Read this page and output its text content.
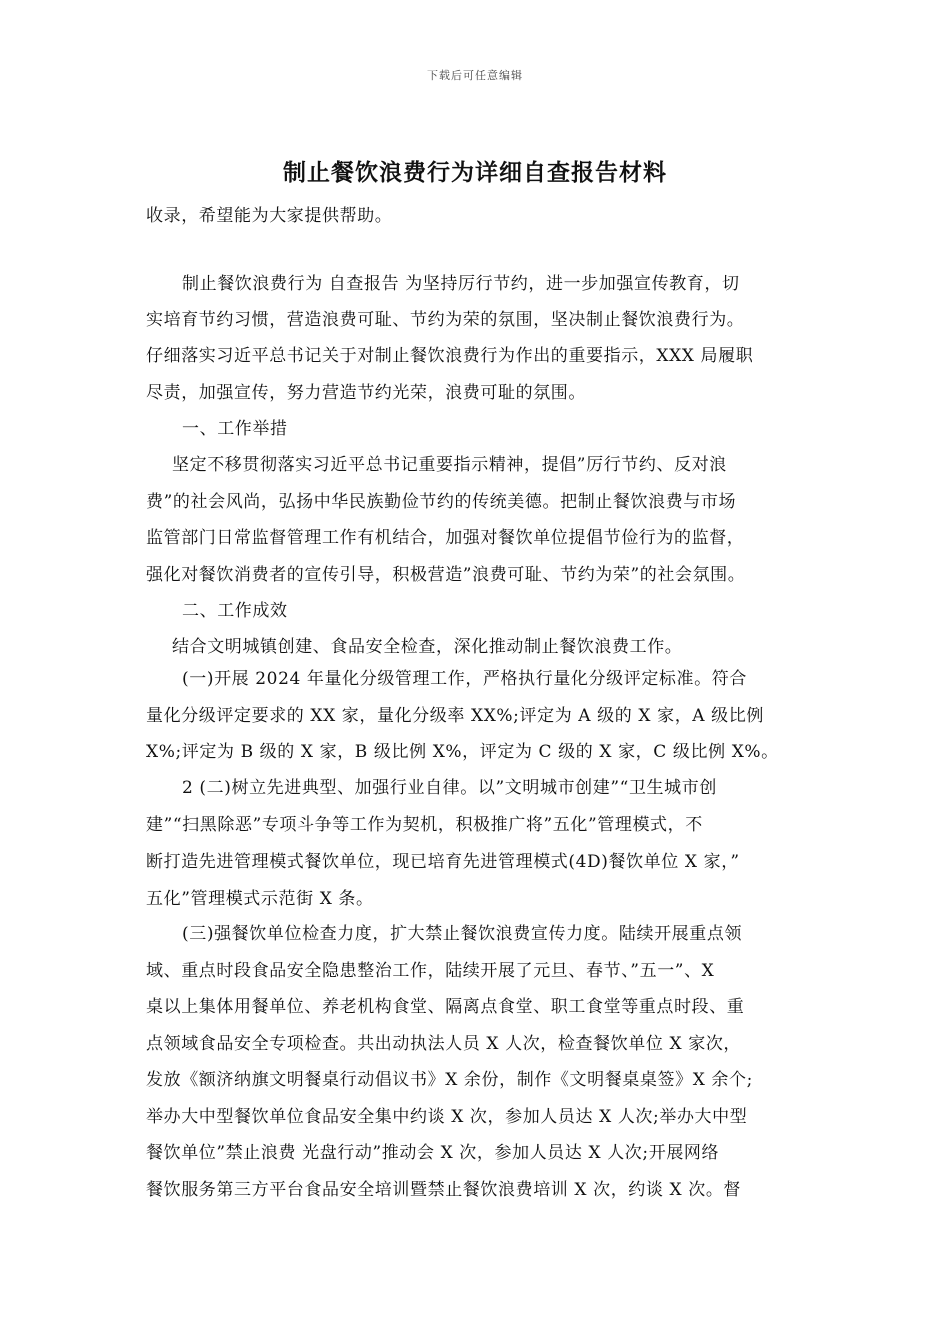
下载后可任意编辑
制止餐饮浪费行为详细自查报告材料
收录，希望能为大家提供帮助。
制止餐饮浪费行为 自查报告 为坚持厉行节约，进一步加强宣传教育，切
实培育节约习惯，营造浪费可耻、节约为荣的氛围，坚决制止餐饮浪费行为。
仔细落实习近平总书记关于对制止餐饮浪费行为作出的重要指示，XXX 局履职
尽责，加强宣传，努力营造节约光荣，浪费可耻的氛围。
一、工作举措
坚定不移贯彻落实习近平总书记重要指示精神，提倡”厉行节约、反对浪
费”的社会风尚，弘扬中华民族勤俭节约的传统美德。把制止餐饮浪费与市场
监管部门日常监督管理工作有机结合，加强对餐饮单位提倡节俭行为的监督，
强化对餐饮消费者的宣传引导，积极营造”浪费可耻、节约为荣”的社会氛围。
二、工作成效
结合文明城镇创建、食品安全检查，深化推动制止餐饮浪费工作。
(一)开展 2024 年量化分级管理工作，严格执行量化分级评定标准。符合
量化分级评定要求的 XX 家，量化分级率 XX%;评定为 A 级的 X 家，A 级比例
X%;评定为 B 级的 X 家，B 级比例 X%，评定为 C 级的 X 家，C 级比例 X%。
2 (二)树立先进典型、加强行业自律。以”文明城市创建”“卫生城市创
建”“扫黑除恶”专项斗争等工作为契机，积极推广将”五化”管理模式，不
断打造先进管理模式餐饮单位，现已培育先进管理模式(4D)餐饮单位 X 家，”
五化”管理模式示范街 X 条。
(三)强餐饮单位检查力度，扩大禁止餐饮浪费宣传力度。陆续开展重点领
域、重点时段食品安全隐患整治工作，陆续开展了元旦、春节、”五一”、X
桌以上集体用餐单位、养老机构食堂、隔离点食堂、职工食堂等重点时段、重
点领域食品安全专项检查。共出动执法人员 X 人次，检查餐饮单位 X 家次，
发放《额济纳旗文明餐桌行动倡议书》X 余份，制作《文明餐桌桌签》X 余个;
举办大中型餐饮单位食品安全集中约谈 X 次，参加人员达 X 人次;举办大中型
餐饮单位”禁止浪费 光盘行动”推动会 X 次，参加人员达 X 人次;开展网络
餐饮服务第三方平台食品安全培训暨禁止餐饮浪费培训 X 次，约谈 X 次。督
